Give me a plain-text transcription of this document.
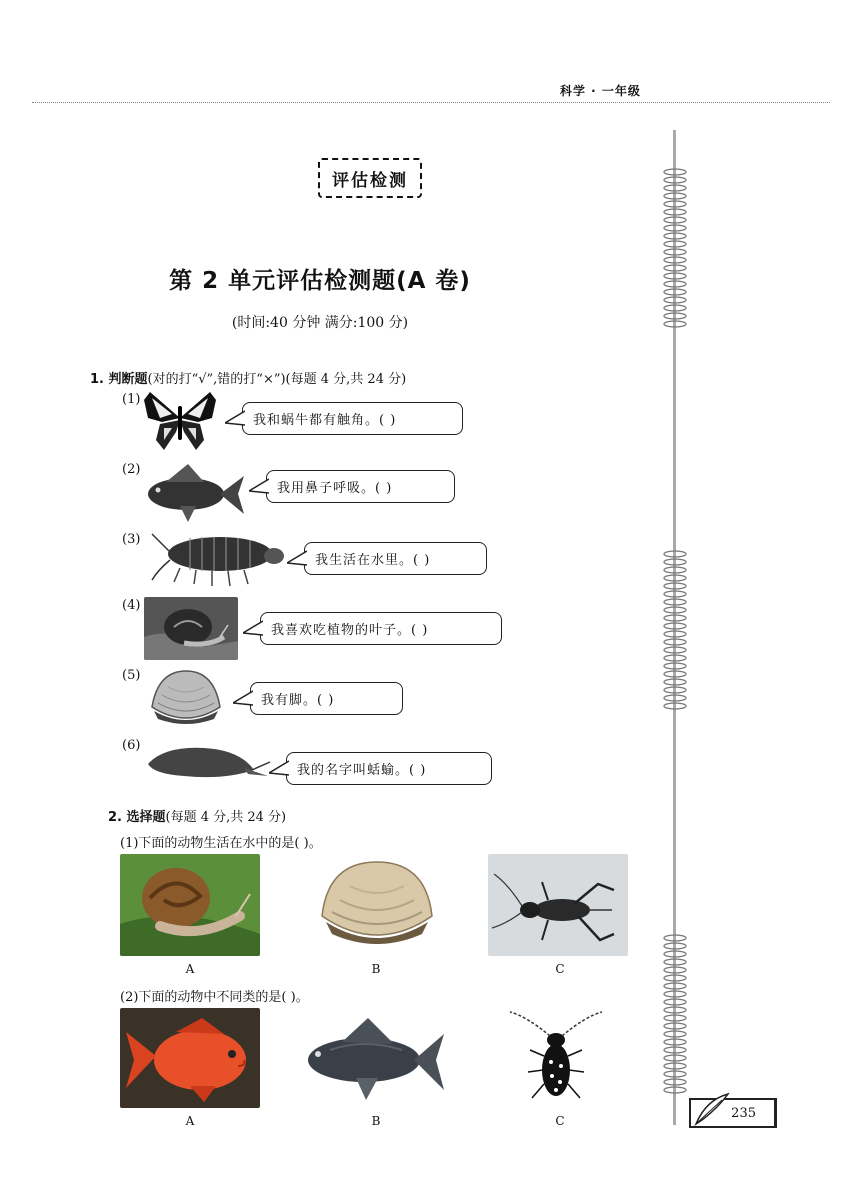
科学 · 一年级
评估检测
第 2 单元评估检测题(A 卷)
(时间:40 分钟 满分:100 分)
1. 判断题(对的打“√”,错的打“×”)(每题 4 分,共 24 分)
(1)
我和蜗牛都有触角。( )
(2)
我用鼻子呼吸。( )
(3)
我生活在水里。( )
(4)
我喜欢吃植物的叶子。( )
(5)
我有脚。( )
(6)
我的名字叫蛞蝓。( )
2. 选择题(每题 4 分,共 24 分)
(1)下面的动物生活在水中的是( )。
A	B	C
(2)下面的动物中不同类的是( )。
A	B	C
235
